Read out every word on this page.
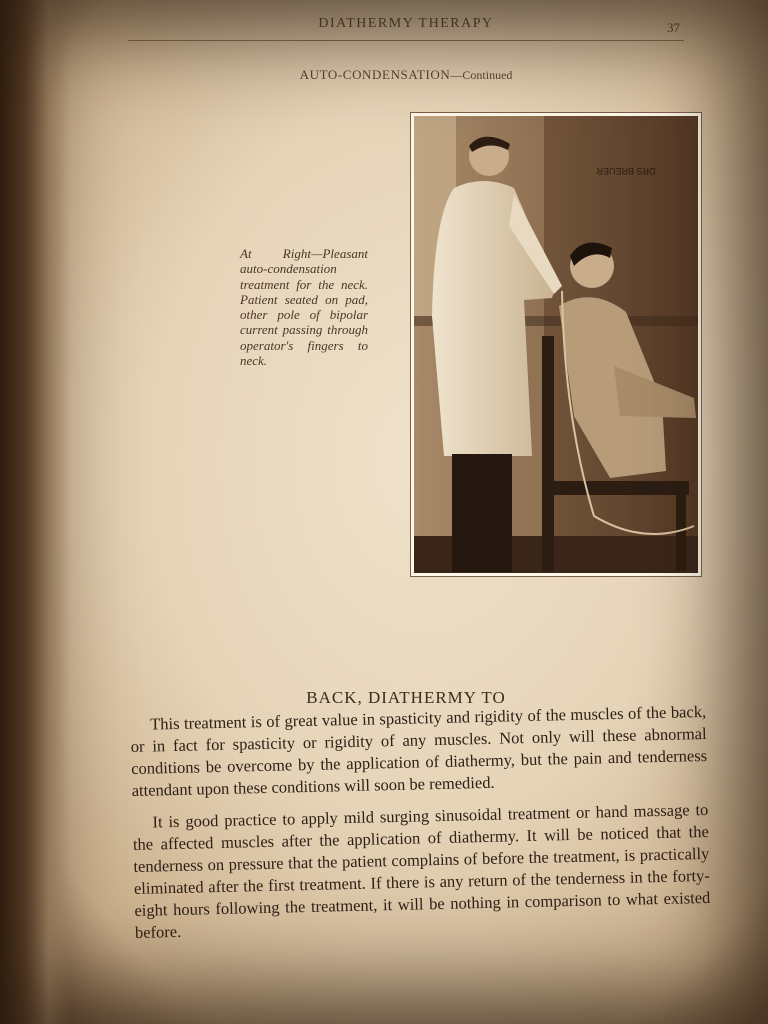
DIATHERMY THERAPY	37
AUTO-CONDENSATION—Continued
At Right—Pleasant auto-condensation treatment for the neck. Patient seated on pad, other pole of bipolar current passing through operator's fingers to neck.
DRS BREUER
BACK, DIATHERMY TO

This treatment is of great value in spasticity and rigidity of the muscles of the back, or in fact for spasticity or rigidity of any muscles. Not only will these abnormal conditions be overcome by the application of diathermy, but the pain and tenderness attendant upon these conditions will soon be remedied.

It is good practice to apply mild surging sinusoidal treatment or hand massage to the affected muscles after the application of diathermy. It will be noticed that the tenderness on pressure that the patient complains of before the treatment, is practically eliminated after the first treatment. If there is any return of the tenderness in the forty-eight hours following the treatment, it will be nothing in comparison to what existed before.
